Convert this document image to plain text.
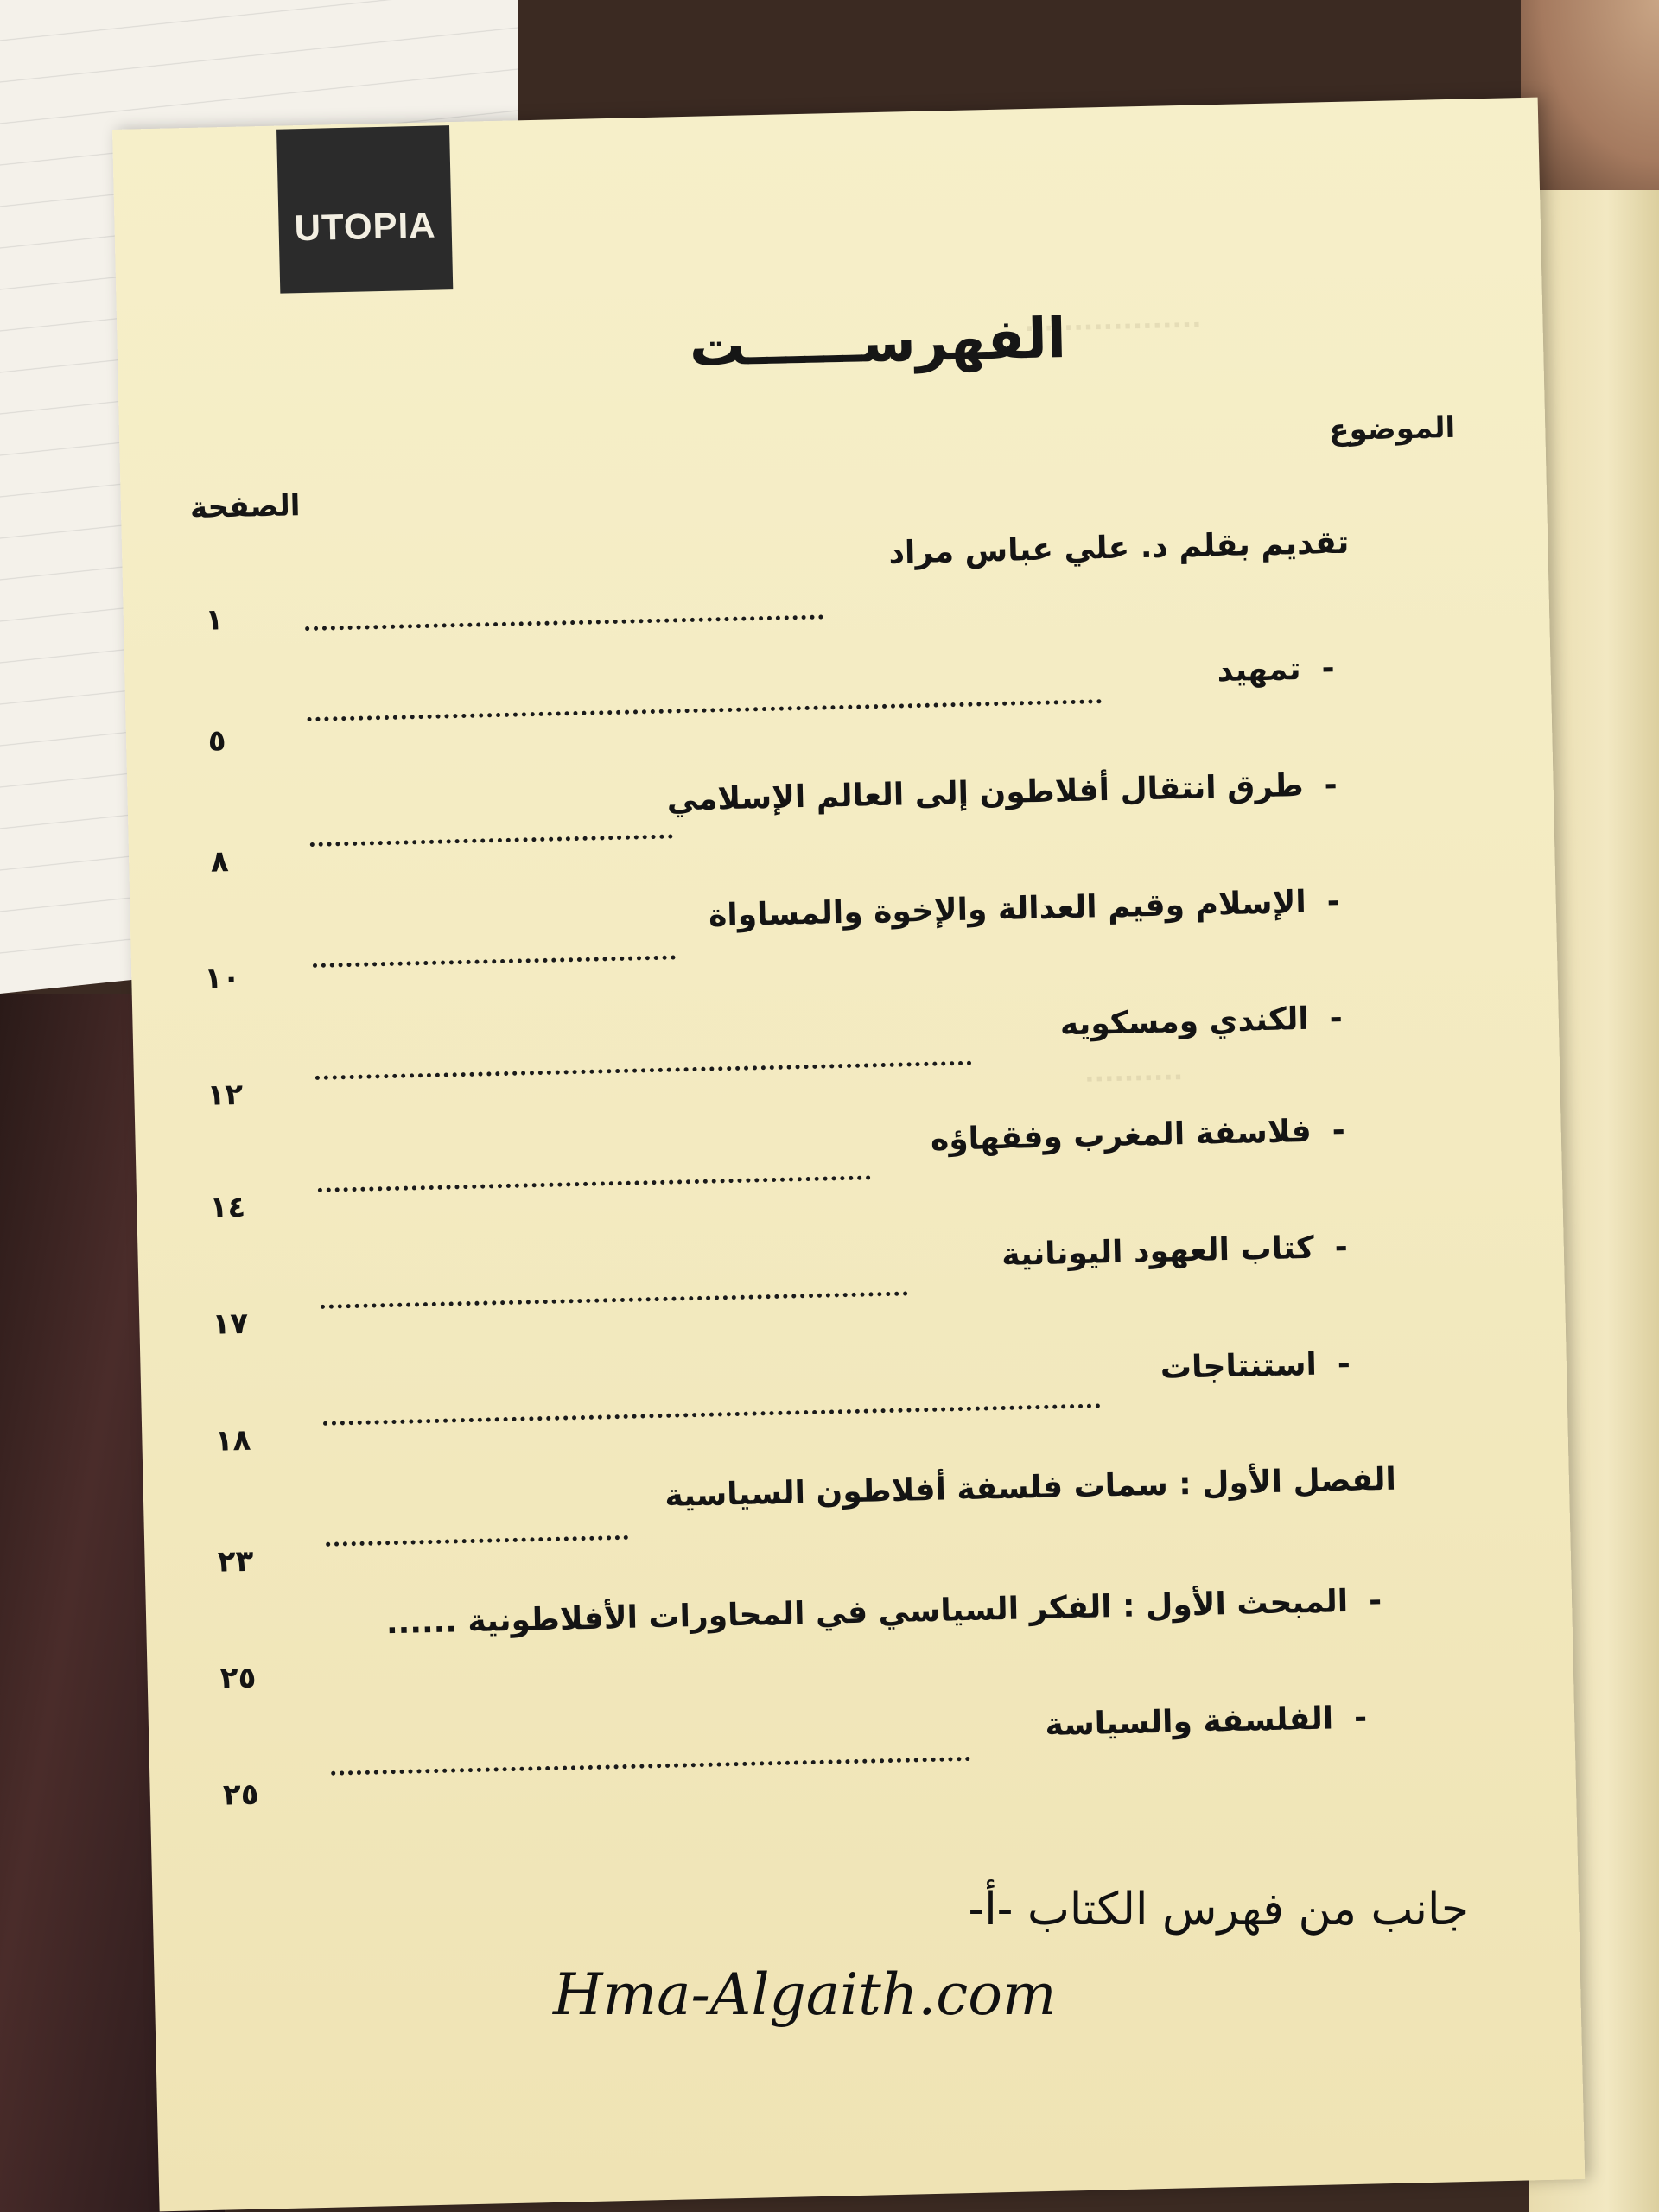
UTOPIA
..................
..........
الفهرســــــت
الموضوع
الصفحة
تقديم بقلم د. علي عباس مراد
١
-تمهيد
٥
-طرق انتقال أفلاطون إلى العالم الإسلامي
٨
-الإسلام وقيم العدالة والإخوة والمساواة
١٠
-الكندي ومسكويه
١٢
-فلاسفة المغرب وفقهاؤه
١٤
-كتاب العهود اليونانية
١٧
-استنتاجات
١٨
الفصل الأول : سمات فلسفة أفلاطون السياسية
٢٣
-المبحث الأول : الفكر السياسي في المحاورات الأفلاطونية ......
٢٥
-الفلسفة والسياسة
٢٥
جانب من فهرس الكتاب -أ-
Hma-Algaith.com
